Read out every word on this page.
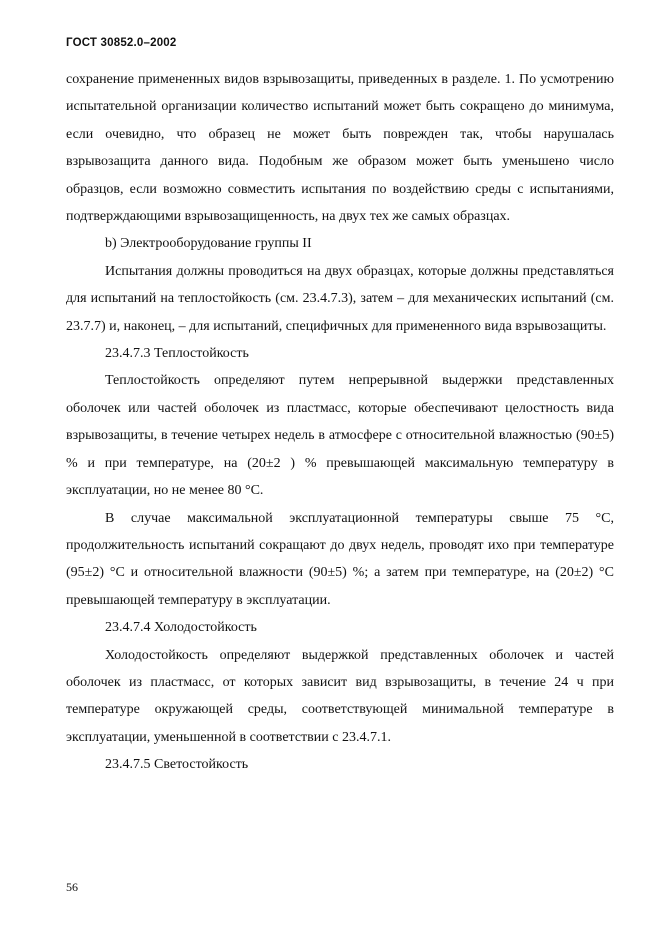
ГОСТ 30852.0–2002

сохранение примененных видов взрывозащиты, приведенных в разделе. 1. По усмотрению испытательной организации количество испытаний может быть сокращено до минимума, если очевидно, что образец не может быть поврежден так, чтобы нарушалась взрывозащита данного вида. Подобным же образом может быть уменьшено число образцов, если возможно совместить испытания по воздействию среды с испытаниями, подтверждающими взрывозащищенность, на двух тех же самых образцах.

b) Электрооборудование группы II

Испытания должны проводиться на двух образцах, которые должны представляться для испытаний на теплостойкость (см. 23.4.7.3), затем – для механических испытаний (см. 23.7.7) и, наконец, – для испытаний, специфичных для примененного вида взрывозащиты.

23.4.7.3 Теплостойкость

Теплостойкость определяют путем непрерывной выдержки представленных оболочек или частей оболочек из пластмасс, которые обеспечивают целостность вида взрывозащиты, в течение четырех недель в атмосфере с относительной влажностью (90±5) % и при температуре, на (20±2 ) % превышающей максимальную температуру в эксплуатации, но не менее 80 °С.

В случае максимальной эксплуатационной температуры свыше 75 °С, продолжительность испытаний сокращают до двух недель, проводят ихо при температуре (95±2) °С и относительной влажности (90±5) %; а затем при температуре, на (20±2) °С превышающей температуру в эксплуатации.

23.4.7.4 Холодостойкость

Холодостойкость определяют выдержкой представленных оболочек и частей оболочек из пластмасс, от которых зависит вид взрывозащиты, в течение 24 ч при температуре окружающей среды, соответствующей минимальной температуре в эксплуатации, уменьшенной в соответствии с 23.4.7.1.

23.4.7.5 Светостойкость

56
